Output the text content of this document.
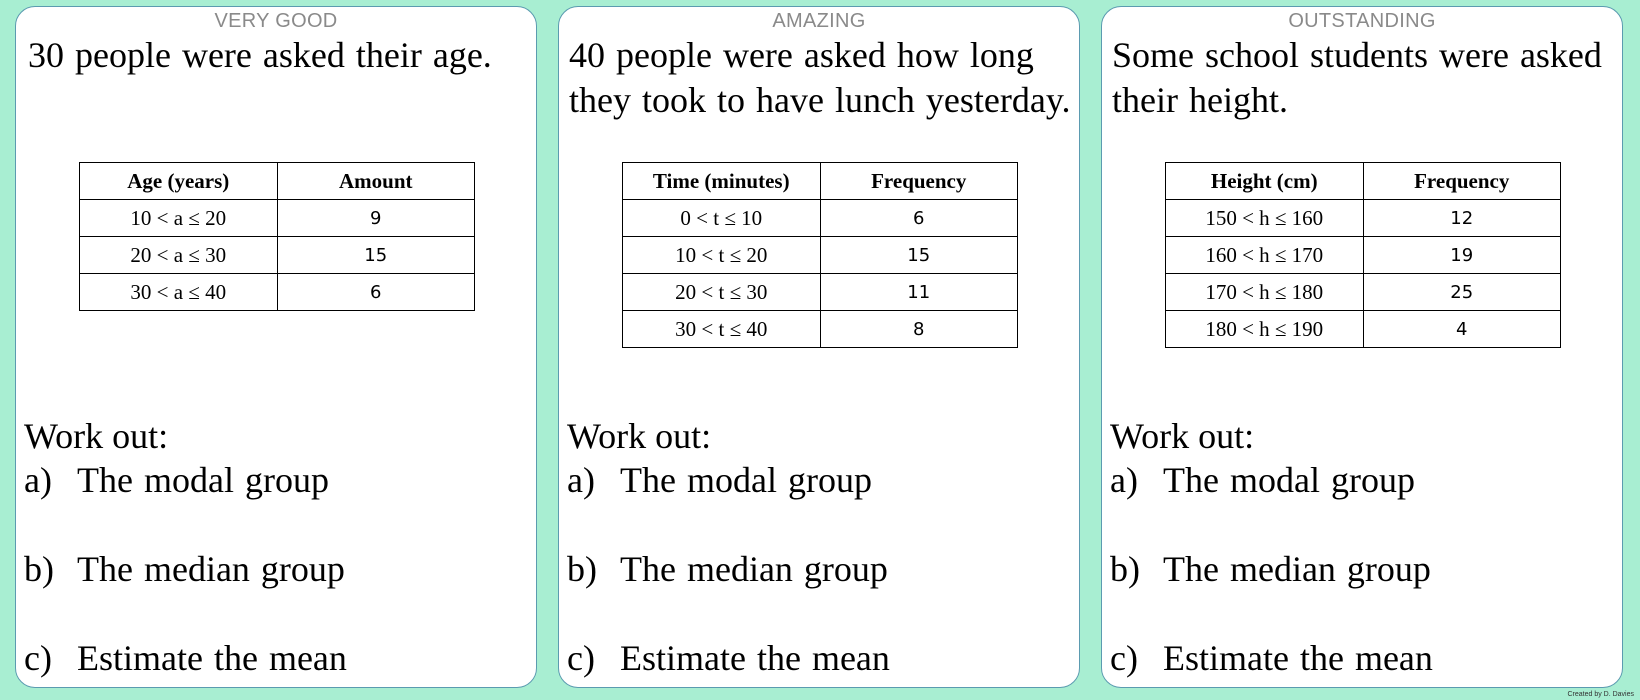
VERY GOOD

30 people were asked their age.

Age (years)	Amount
10 < a ≤ 20	9
20 < a ≤ 30	15
30 < a ≤ 40	6

Work out:

a) The modal group
b) The median group
c) Estimate the mean
AMAZING

40 people were asked how long they took to have lunch yesterday.

Time (minutes)	Frequency
0 < t ≤ 10	6
10 < t ≤ 20	15
20 < t ≤ 30	11
30 < t ≤ 40	8

Work out:

a) The modal group
b) The median group
c) Estimate the mean
OUTSTANDING

Some school students were asked their height.

Height (cm)	Frequency
150 < h ≤ 160	12
160 < h ≤ 170	19
170 < h ≤ 180	25
180 < h ≤ 190	4

Work out:

a) The modal group
b) The median group
c) Estimate the mean
Created by D. Davies
